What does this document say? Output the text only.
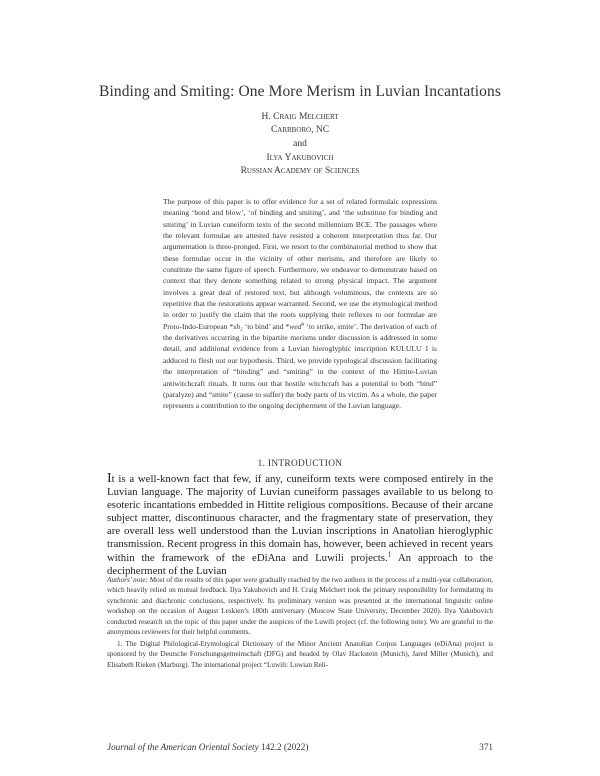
Binding and Smiting: One More Merism in Luvian Incantations
H. Craig Melchert
Carrboro, NC
and
Ilya Yakubovich
Russian Academy of Sciences
The purpose of this paper is to offer evidence for a set of related formulaic expressions meaning ‘bond and blow’, ‘of binding and smiting’, and ‘the substitute for binding and smiting’ in Luvian cuneiform texts of the second millennium BCE. The passages where the relevant formulae are attested have resisted a coherent interpretation thus far. Our argumentation is three-pronged. First, we resort to the combinatorial method to show that these formulae occur in the vicinity of other merisms, and therefore are likely to constitute the same figure of speech. Furthermore, we endeavor to demonstrate based on context that they denote something related to strong physical impact. The argument involves a great deal of restored text, but although voluminous, the contexts are so repetitive that the restorations appear warranted. Second, we use the etymological method in order to justify the claim that the roots supplying their reflexes to our formulae are Proto-Indo-European *sh₂ ‘to bind’ and *wed$^h$ ‘to strike, smite’. The derivation of each of the derivatives occurring in the bipartite merisms under discussion is addressed in some detail, and additional evidence from a Luvian hieroglyphic inscription KULULU 1 is adduced to flesh out our hypothesis. Third, we provide typological discussion facilitating the interpretation of “binding” and “smiting” in the context of the Hittite-Luvian antiwitchcraft rituals. It turns out that hostile witchcraft has a potential to both “bind” (paralyze) and “smite” (cause to suffer) the body parts of its victim. As a whole, the paper represents a contribution to the ongoing decipherment of the Luvian language.
1. INTRODUCTION
It is a well-known fact that few, if any, cuneiform texts were composed entirely in the Luvian language. The majority of Luvian cuneiform passages available to us belong to esoteric incantations embedded in Hittite religious compositions. Because of their arcane subject matter, discontinuous character, and the fragmentary state of preservation, they are overall less well understood than the Luvian inscriptions in Anatolian hieroglyphic transmission. Recent progress in this domain has, however, been achieved in recent years within the framework of the eDiAna and Luwili projects.$^1$ An approach to the decipherment of the Luvian

Authors’ note: Most of the results of this paper were gradually reached by the two authors in the process of a multi-year collaboration, which heavily relied on mutual feedback. Ilya Yakubovich and H. Craig Melchert took the primary responsibility for formulating its synchronic and diachronic conclusions, respectively. Its preliminary version was presented at the international linguistic online workshop on the occasion of August Leskien’s 180th anniversary (Moscow State University, December 2020). Ilya Yakubovich conducted research on the topic of this paper under the auspices of the Luwili project (cf. the following note). We are grateful to the anonymous reviewers for their helpful comments.

1. The Digital Philological-Etymological Dictionary of the Minor Ancient Anatolian Corpus Languages (eDiAna) project is sponsored by the Deutsche Forschungsgemeinschaft (DFG) and headed by Olav Hackstein (Munich), Jared Miller (Munich), and Elisabeth Rieken (Marburg). The international project “Luwili: Luwian Reli-

Journal of the American Oriental Society 142.2 (2022)	371
